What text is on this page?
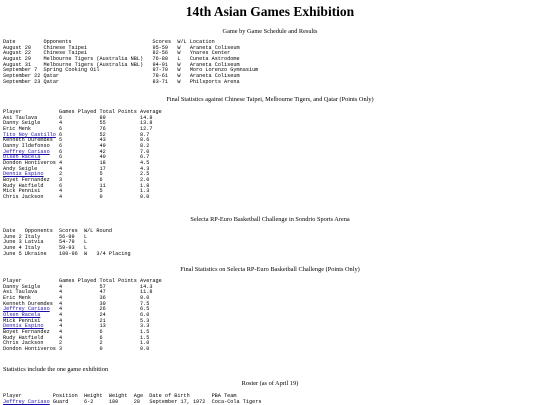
14th Asian Games Exhibition
Game by Game Schedule and Results
Date         Opponents                          Scores  W/L Location
August 20    Chinese Taipei                     95-59   W   Araneta Coliseum
August 22    Chinese Taipei                     82-56   W   Ynares Center
August 29    Melbourne Tigers (Australia NBL)   76-80   L   Cuneta Astrodome
August 31    Melbourne Tigers (Australia NBL)   94-91   W   Araneta Coliseum
September 7  Spring Cooking Oil                 97-70   W   Moro Lorenzo Gymnasium
September 22 Qatar                              78-61   W   Araneta Coliseum
September 23 Qatar                              83-71   W   Philsports Arena
Final Statistics against Chinese Taipei, Melbourne Tigers, and Qatar (Points Only)
Player            Games Played Total Points Average
Asi Taulava       6            89           14.8
Danny Seigle      4            55           13.8
Eric Menk         6            76           12.7
Tito Noy Castillo 6            52           8.7
Kenneth Duremdes  5            43           8.6
Danny Ildefonso   6            49           8.2
Jeffrey Cariaso 6            42           7.0
Olsen Racela	6            40           6.7
Dondon Hontiveros 4            18           4.5
Andy Seigle       4            17           4.3
Dennis Espino	2            5            2.5
Boyet Fernandez   3            6            2.0
Rudy Hatfield     6            11           1.8
Mick Pennisi      4            5            1.3
Chris Jackson     4            0            0.0
Selecta RP-Euro Basketball Challenge in Sondrio Sports Arena
Date   Opponents  Scores  W/L Round
June 2 Italy      56-99   L
June 3 Latvia     54-79   L
June 4 Italy      59-93   L
June 5 Ukraine    100-96  W   3/4 Placing
Final Statistics on Selecta RP-Euro Basketball Challenge (Points Only)
Player            Games Played Total Points Average
Danny Seigle      4            57           14.3
Asi Taulava       4            47           11.8
Eric Menk         4            36           9.0
Kenneth Duremdes  4            30           7.5
Jeffrey Cariaso 4            26           6.5
Olsen Racela	4            24           6.0
Mick Pennisi      4            21           5.3
Dennis Espino	4            13           3.3
Boyet Fernandez   4            6            1.5
Rudy Hatfield     4            6            1.5
Chris Jackson     2            2            1.0
Dondon Hontiveros 3            0            0.0
Statistics include the one game exhibition
Roster (as of April 19)
Player          Position  Height  Weight  Age  Date of Birth       PBA Team
Jeffrey Cariaso Guard     6-2     180     28   September 17, 1972  Coca-Cola Tigers
